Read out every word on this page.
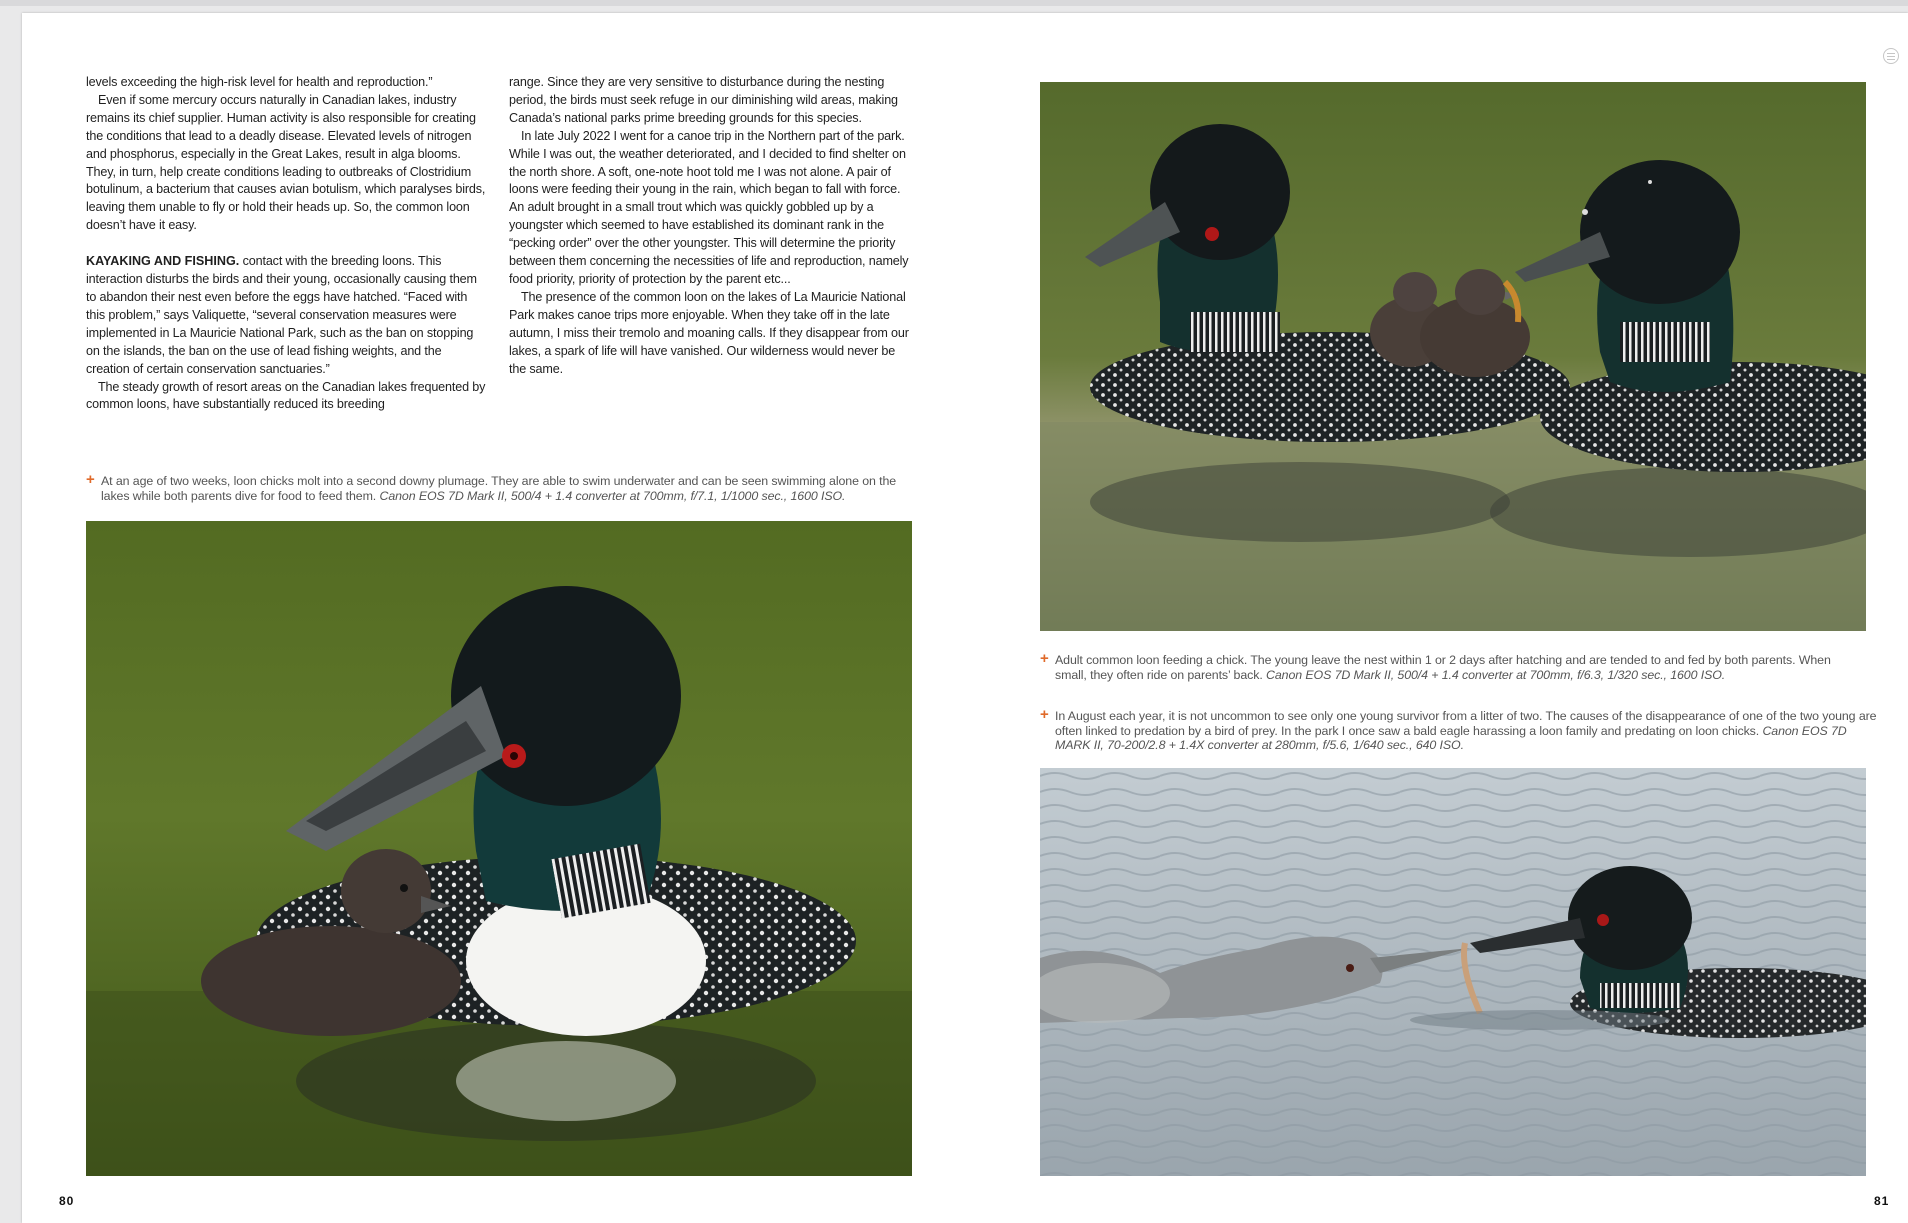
levels exceeding the high-risk level for health and reproduction.”

Even if some mercury occurs naturally in Canadian lakes, industry remains its chief supplier. Human activity is also responsible for creating the conditions that lead to a deadly disease. Elevated levels of nitrogen and phosphorus, especially in the Great Lakes, result in alga blooms. They, in turn, help create conditions leading to outbreaks of Clostridium botulinum, a bacterium that causes avian botulism, which paralyses birds, leaving them unable to fly or hold their heads up. So, the common loon doesn’t have it easy.

KAYAKING AND FISHING. contact with the breeding loons. This interaction disturbs the birds and their young, occasionally causing them to abandon their nest even before the eggs have hatched. “Faced with this problem,” says Valiquette, “several conservation measures were implemented in La Mauricie National Park, such as the ban on stopping on the islands, the ban on the use of lead fishing weights, and the creation of certain conservation sanctuaries.”

The steady growth of resort areas on the Canadian lakes frequented by common loons, have substantially reduced its breeding

range. Since they are very sensitive to disturbance during the nesting period, the birds must seek refuge in our diminishing wild areas, making Canada’s national parks prime breeding grounds for this species.

In late July 2022 I went for a canoe trip in the Northern part of the park. While I was out, the weather deteriorated, and I decided to find shelter on the north shore. A soft, one-note hoot told me I was not alone. A pair of loons were feeding their young in the rain, which began to fall with force. An adult brought in a small trout which was quickly gobbled up by a youngster which seemed to have established its dominant rank in the “pecking order” over the other youngster. This will determine the priority between them concerning the necessities of life and reproduction, namely food priority, priority of protection by the parent etc...

The presence of the common loon on the lakes of La Mauricie National Park makes canoe trips more enjoyable. When they take off in the late autumn, I miss their tremolo and moaning calls. If they disappear from our lakes, a spark of life will have vanished. Our wilderness would never be the same.

+ At an age of two weeks, loon chicks molt into a second downy plumage. They are able to swim underwater and can be seen swimming alone on the lakes while both parents dive for food to feed them. Canon EOS 7D Mark II, 500/4 + 1.4 converter at 700mm, f/7.1, 1/1000 sec., 1600 ISO.
+ Adult common loon feeding a chick. The young leave the nest within 1 or 2 days after hatching and are tended to and fed by both parents. When small, they often ride on parents’ back. Canon EOS 7D Mark II, 500/4 + 1.4 converter at 700mm, f/6.3, 1/320 sec., 1600 ISO.
+ In August each year, it is not uncommon to see only one young survivor from a litter of two. The causes of the disappearance of one of the two young are often linked to predation by a bird of prey. In the park I once saw a bald eagle harassing a loon family and predating on loon chicks. Canon EOS 7D MARK II, 70-200/2.8 + 1.4X converter at 280mm, f/5.6, 1/640 sec., 640 ISO.
80	81
